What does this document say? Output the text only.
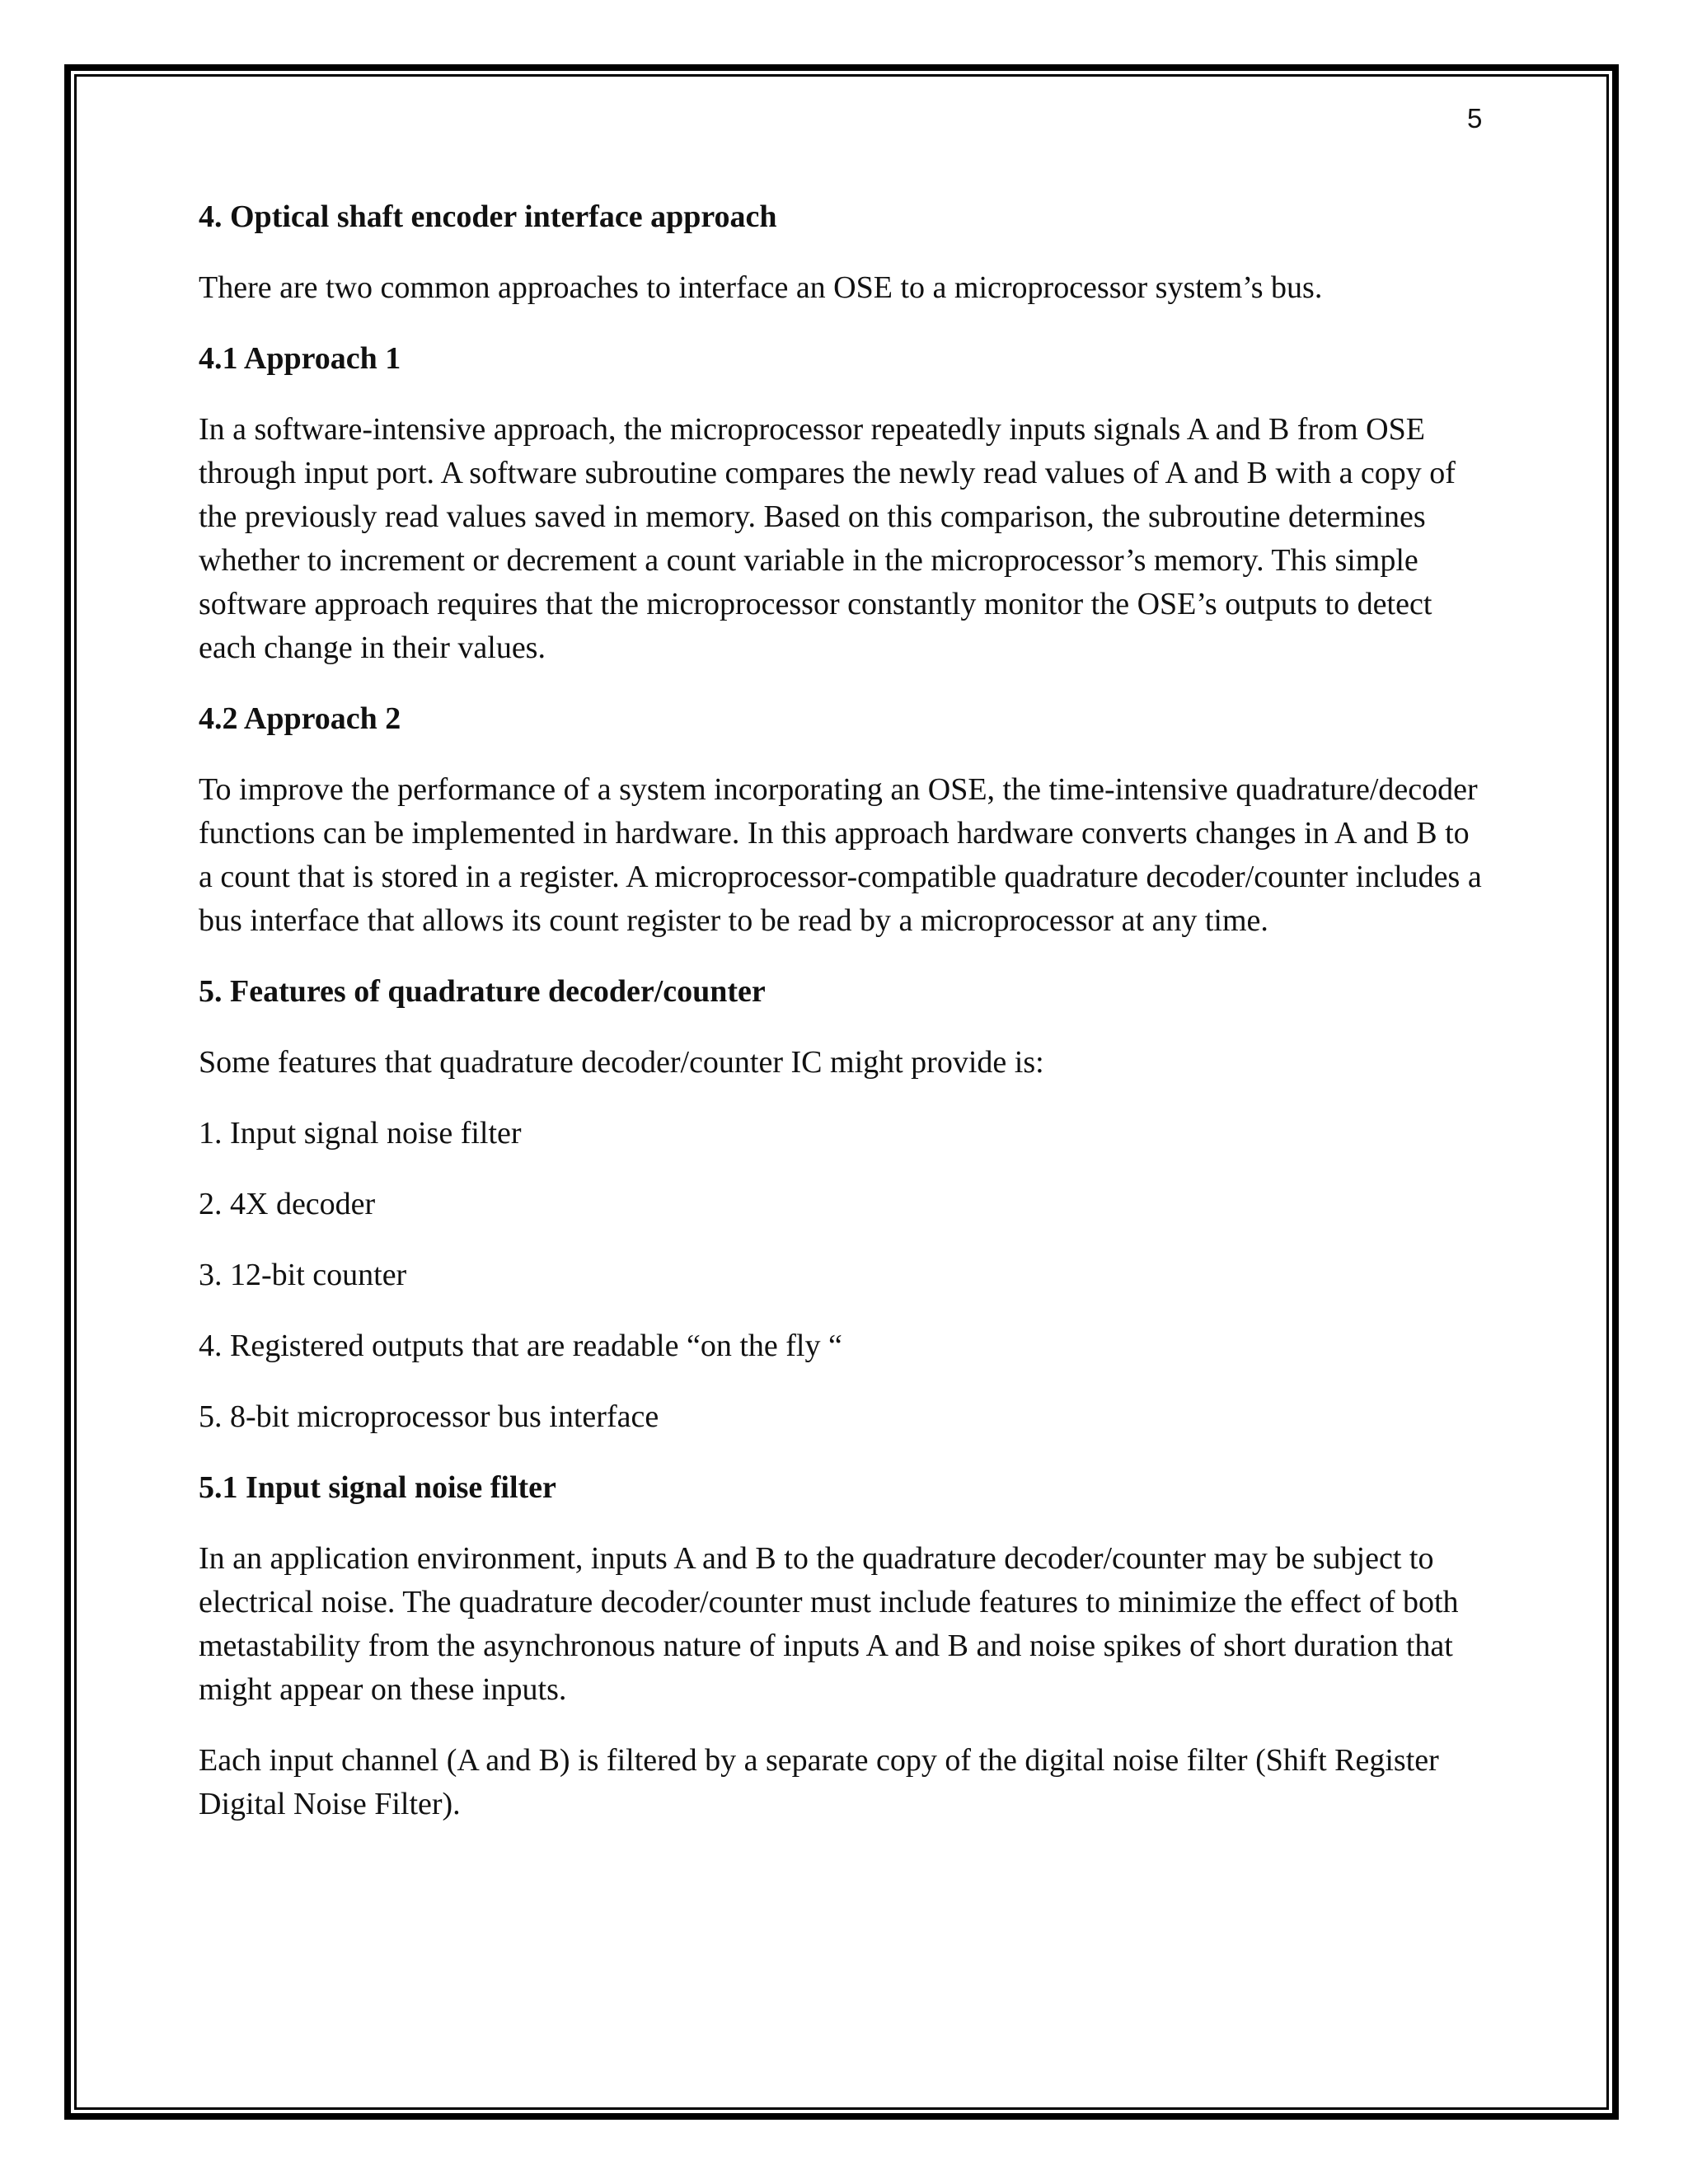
5
4. Optical shaft encoder interface approach
There are two common approaches to interface an OSE to a microprocessor system’s bus.
4.1 Approach 1
In a software-intensive approach, the microprocessor repeatedly inputs signals A and B from OSE through input port. A software subroutine compares the newly read values of A and B with a copy of the previously read values saved in memory. Based on this comparison, the subroutine determines whether to increment or decrement a count variable in the microprocessor’s memory. This simple software approach requires that the microprocessor constantly monitor the OSE’s outputs to detect each change in their values.
4.2 Approach 2
To improve the performance of a system incorporating an OSE, the time-intensive quadrature/decoder functions can be implemented in hardware. In this approach hardware converts changes in A and B to a count that is stored in a register. A microprocessor-compatible quadrature decoder/counter includes a bus interface that allows its count register to be read by a microprocessor at any time.
5. Features of quadrature decoder/counter
Some features that quadrature decoder/counter IC might provide is:
1. Input signal noise filter
2. 4X decoder
3. 12-bit counter
4. Registered outputs that are readable “on the fly “
5. 8-bit microprocessor bus interface
5.1 Input signal noise filter
In an application environment, inputs A and B to the quadrature decoder/counter may be subject to electrical noise. The quadrature decoder/counter must include features to minimize the effect of both metastability from the asynchronous nature of inputs A and B and noise spikes of short duration that might appear on these inputs.
Each input channel (A and B) is filtered by a separate copy of the digital noise filter (Shift Register Digital Noise Filter).
